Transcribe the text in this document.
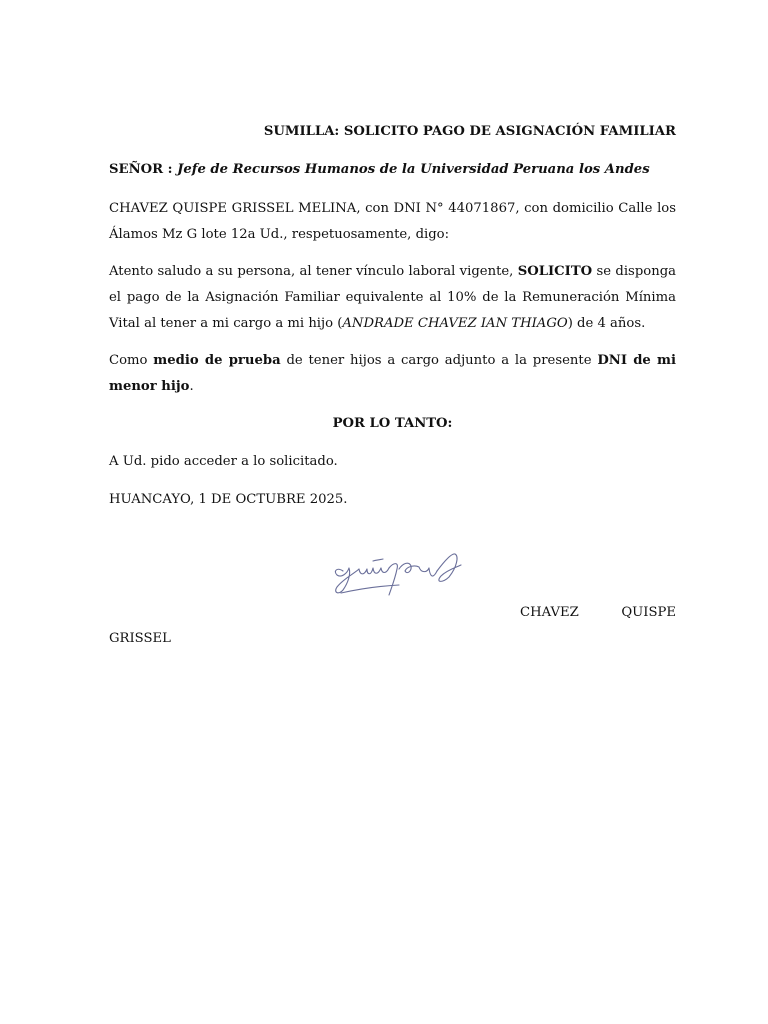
SUMILLA: SOLICITO PAGO DE ASIGNACIÓN FAMILIAR
SEÑOR : Jefe de Recursos Humanos de la Universidad Peruana los Andes
CHAVEZ QUISPE GRISSEL MELINA, con DNI N° 44071867, con domicilio Calle los Álamos Mz G lote 12a Ud., respetuosamente, digo:
Atento saludo a su persona, al tener vínculo laboral vigente, SOLICITO se disponga el pago de la Asignación Familiar equivalente al 10% de la Remuneración Mínima Vital al tener a mi cargo a mi hijo (ANDRADE CHAVEZ IAN THIAGO) de 4 años.
Como medio de prueba de tener hijos a cargo adjunto a la presente DNI de mi menor hijo.
POR LO TANTO:
A Ud. pido acceder a lo solicitado.
HUANCAYO, 1 DE OCTUBRE 2025.
CHAVEZ	QUISPE
GRISSEL
